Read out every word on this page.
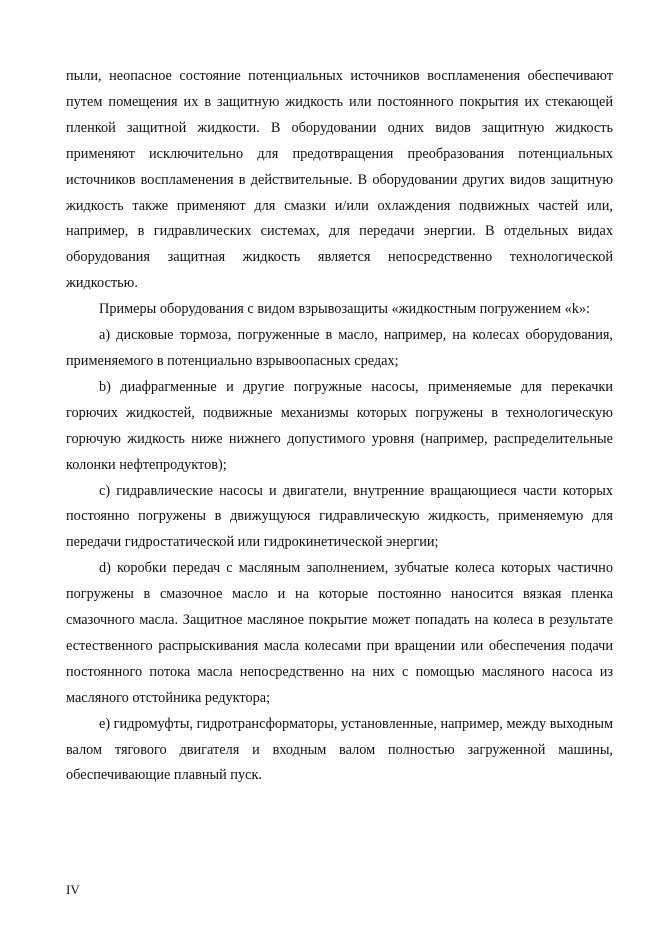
пыли, неопасное состояние потенциальных источников воспламенения обеспечивают путем помещения их в защитную жидкость или постоянного покрытия их стекающей пленкой защитной жидкости. В оборудовании одних видов защитную жидкость применяют исключительно для предотвращения преобразования потенциальных источников воспламенения в действительные. В оборудовании других видов защитную жидкость также применяют для смазки и/или охлаждения подвижных частей или, например, в гидравлических системах, для передачи энергии. В отдельных видах оборудования защитная жидкость является непосредственно технологической жидкостью.

Примеры оборудования с видом взрывозащиты «жидкостным погружением «k»:

а) дисковые тормоза, погруженные в масло, например, на колесах оборудования, применяемого в потенциально взрывоопасных средах;

b) диафрагменные и другие погружные насосы, применяемые для перекачки горючих жидкостей, подвижные механизмы которых погружены в технологическую горючую жидкость ниже нижнего допустимого уровня (например, распределительные колонки нефтепродуктов);

c) гидравлические насосы и двигатели, внутренние вращающиеся части которых постоянно погружены в движущуюся гидравлическую жидкость, применяемую для передачи гидростатической или гидрокинетической энергии;

d) коробки передач с масляным заполнением, зубчатые колеса которых частично погружены в смазочное масло и на которые постоянно наносится вязкая пленка смазочного масла. Защитное масляное покрытие может попадать на колеса в результате естественного распрыскивания масла колесами при вращении или обеспечения подачи постоянного потока масла непосредственно на них с помощью масляного насоса из масляного отстойника редуктора;

е) гидромуфты, гидротрансформаторы, установленные, например, между выходным валом тягового двигателя и входным валом полностью загруженной машины, обеспечивающие плавный пуск.

IV
